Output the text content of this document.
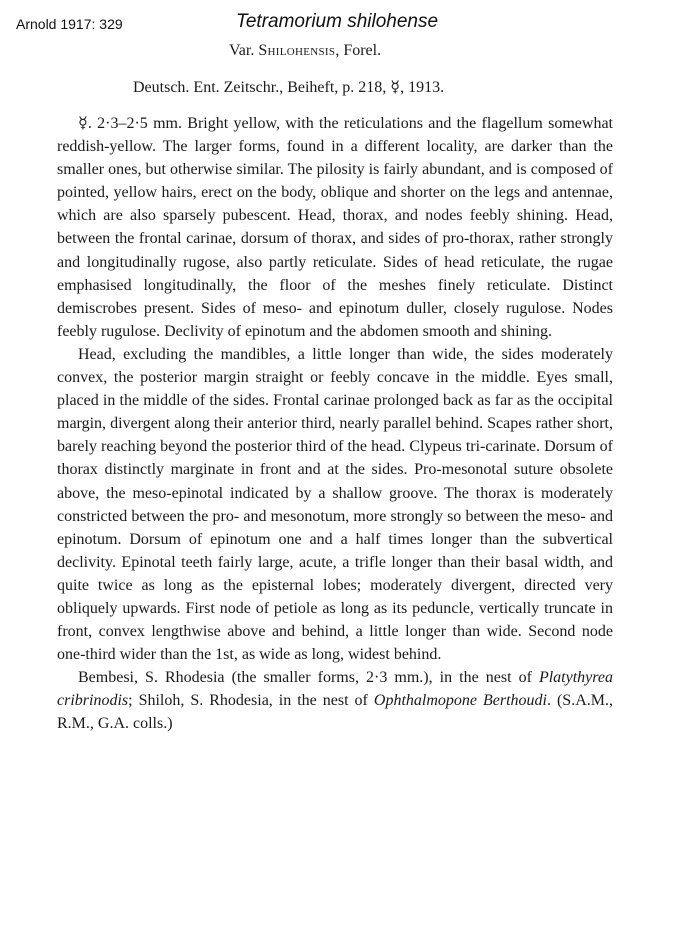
Arnold 1917: 329	Tetramorium shilohense
Var. Shilohensis, Forel.
Deutsch. Ent. Zeitschr., Beiheft, p. 218, ☿, 1913.

☿. 2·3–2·5 mm. Bright yellow, with the reticulations and the flagellum somewhat reddish-yellow. The larger forms, found in a different locality, are darker than the smaller ones, but otherwise similar. The pilosity is fairly abundant, and is composed of pointed, yellow hairs, erect on the body, oblique and shorter on the legs and antennae, which are also sparsely pubescent. Head, thorax, and nodes feebly shining. Head, between the frontal carinae, dorsum of thorax, and sides of pro-thorax, rather strongly and longitudinally rugose, also partly reticulate. Sides of head reticulate, the rugae emphasised longitudinally, the floor of the meshes finely reticulate. Distinct demiscrobes present. Sides of meso- and epinotum duller, closely rugulose. Nodes feebly rugulose. Declivity of epinotum and the abdomen smooth and shining.

Head, excluding the mandibles, a little longer than wide, the sides moderately convex, the posterior margin straight or feebly concave in the middle. Eyes small, placed in the middle of the sides. Frontal carinae prolonged back as far as the occipital margin, divergent along their anterior third, nearly parallel behind. Scapes rather short, barely reaching beyond the posterior third of the head. Clypeus tri-carinate. Dorsum of thorax distinctly marginate in front and at the sides. Pro-mesonotal suture obsolete above, the meso-epinotal indicated by a shallow groove. The thorax is moderately constricted between the pro- and mesonotum, more strongly so between the meso- and epinotum. Dorsum of epinotum one and a half times longer than the subvertical declivity. Epinotal teeth fairly large, acute, a trifle longer than their basal width, and quite twice as long as the episternal lobes; moderately divergent, directed very obliquely upwards. First node of petiole as long as its peduncle, vertically truncate in front, convex lengthwise above and behind, a little longer than wide. Second node one-third wider than the 1st, as wide as long, widest behind.

Bembesi, S. Rhodesia (the smaller forms, 2·3 mm.), in the nest of Platythyrea cribrinodis; Shiloh, S. Rhodesia, in the nest of Ophthalmopone Berthoudi. (S.A.M., R.M., G.A. colls.)
